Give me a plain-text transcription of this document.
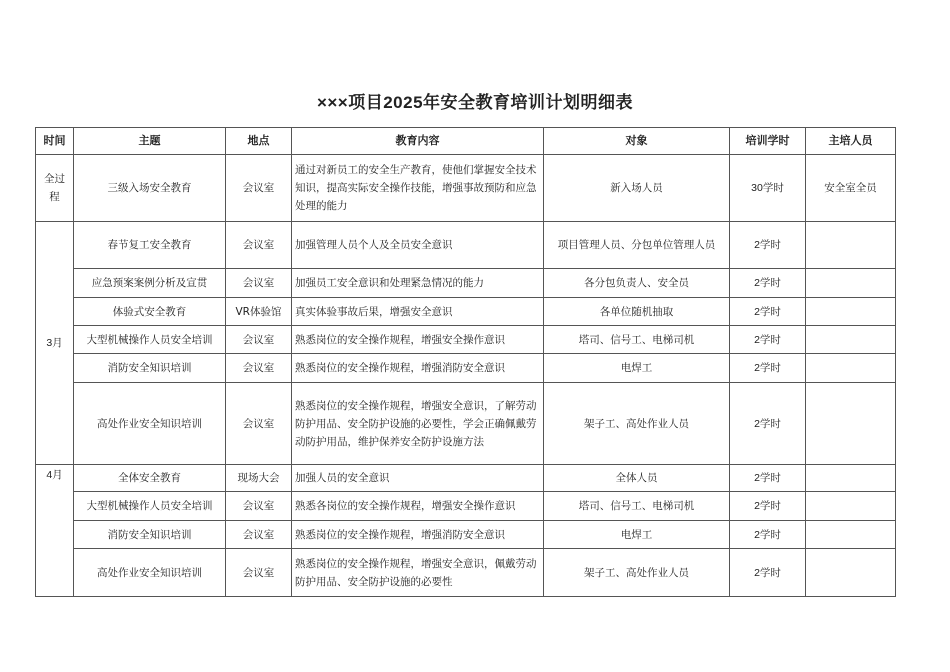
×××项目2025年安全教育培训计划明细表
时间	主题	地点	教育内容	对象	培训学时	主培人员
全过程	三级入场安全教育	会议室	通过对新员工的安全生产教育，使他们掌握安全技术知识，提高实际安全操作技能，增强事故预防和应急处理的能力	新入场人员	30学时	安全室全员
3月	春节复工安全教育	会议室	加强管理人员个人及全员安全意识	项目管理人员、分包单位管理人员	2学时	
	应急预案案例分析及宣贯	会议室	加强员工安全意识和处理紧急情况的能力	各分包负责人、安全员	2学时	
	体验式安全教育	VR体验馆	真实体验事故后果，增强安全意识	各单位随机抽取	2学时	
	大型机械操作人员安全培训	会议室	熟悉岗位的安全操作规程，增强安全操作意识	塔司、信号工、电梯司机	2学时	
	消防安全知识培训	会议室	熟悉岗位的安全操作规程，增强消防安全意识	电焊工	2学时	
	高处作业安全知识培训	会议室	熟悉岗位的安全操作规程，增强安全意识，了解劳动防护用品、安全防护设施的必要性，学会正确佩戴劳动防护用品，维护保养安全防护设施方法	架子工、高处作业人员	2学时	
4月	全体安全教育	现场大会	加强人员的安全意识	全体人员	2学时	
	大型机械操作人员安全培训	会议室	熟悉各岗位的安全操作规程，增强安全操作意识	塔司、信号工、电梯司机	2学时	
	消防安全知识培训	会议室	熟悉岗位的安全操作规程，增强消防安全意识	电焊工	2学时	
	高处作业安全知识培训	会议室	熟悉岗位的安全操作规程，增强安全意识，佩戴劳动防护用品、安全防护设施的必要性	架子工、高处作业人员	2学时	
